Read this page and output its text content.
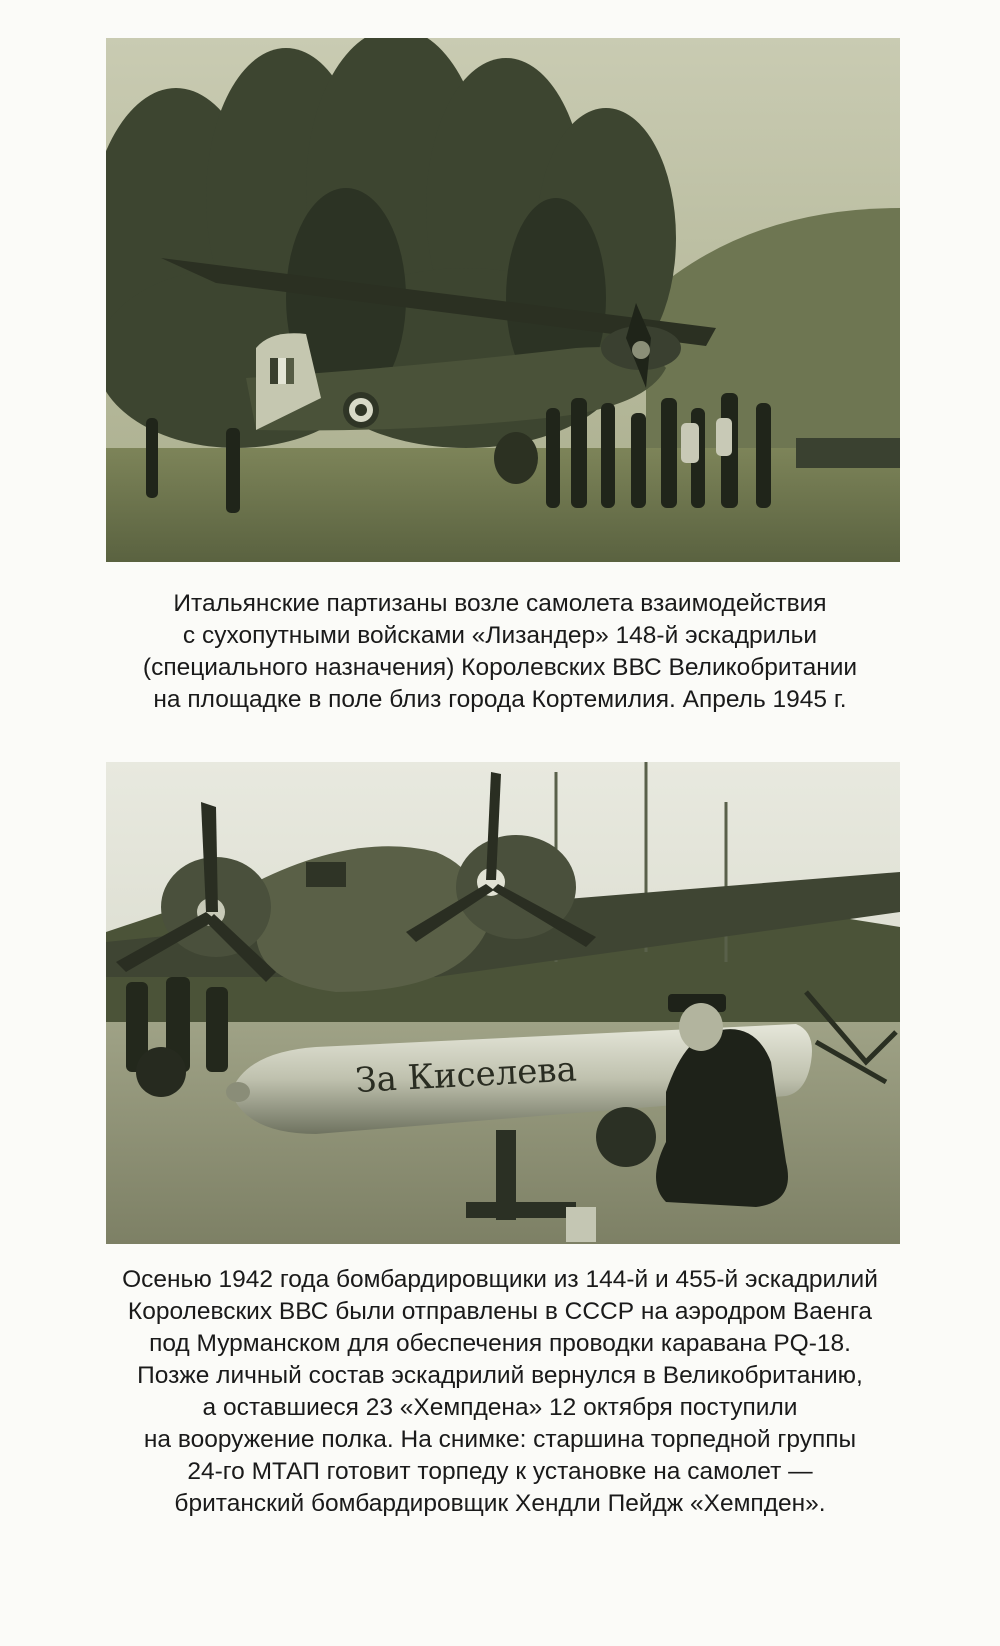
Итальянские партизаны возле самолета взаимодействия
с сухопутными войсками «Лизандер» 148-й эскадрильи
(специального назначения) Королевских ВВС Великобритании
на площадке в поле близ города Кортемилия. Апрель 1945 г.
За Киселева
Осенью 1942 года бомбардировщики из 144-й и 455-й эскадрилий
Королевских ВВС были отправлены в СССР на аэродром Ваенга
под Мурманском для обеспечения проводки каравана PQ-18.
Позже личный состав эскадрилий вернулся в Великобританию,
а оставшиеся 23 «Хемпдена» 12 октября поступили
на вооружение полка. На снимке: старшина торпедной группы
24-го МТАП готовит торпеду к установке на самолет —
британский бомбардировщик Хендли Пейдж «Хемпден».
